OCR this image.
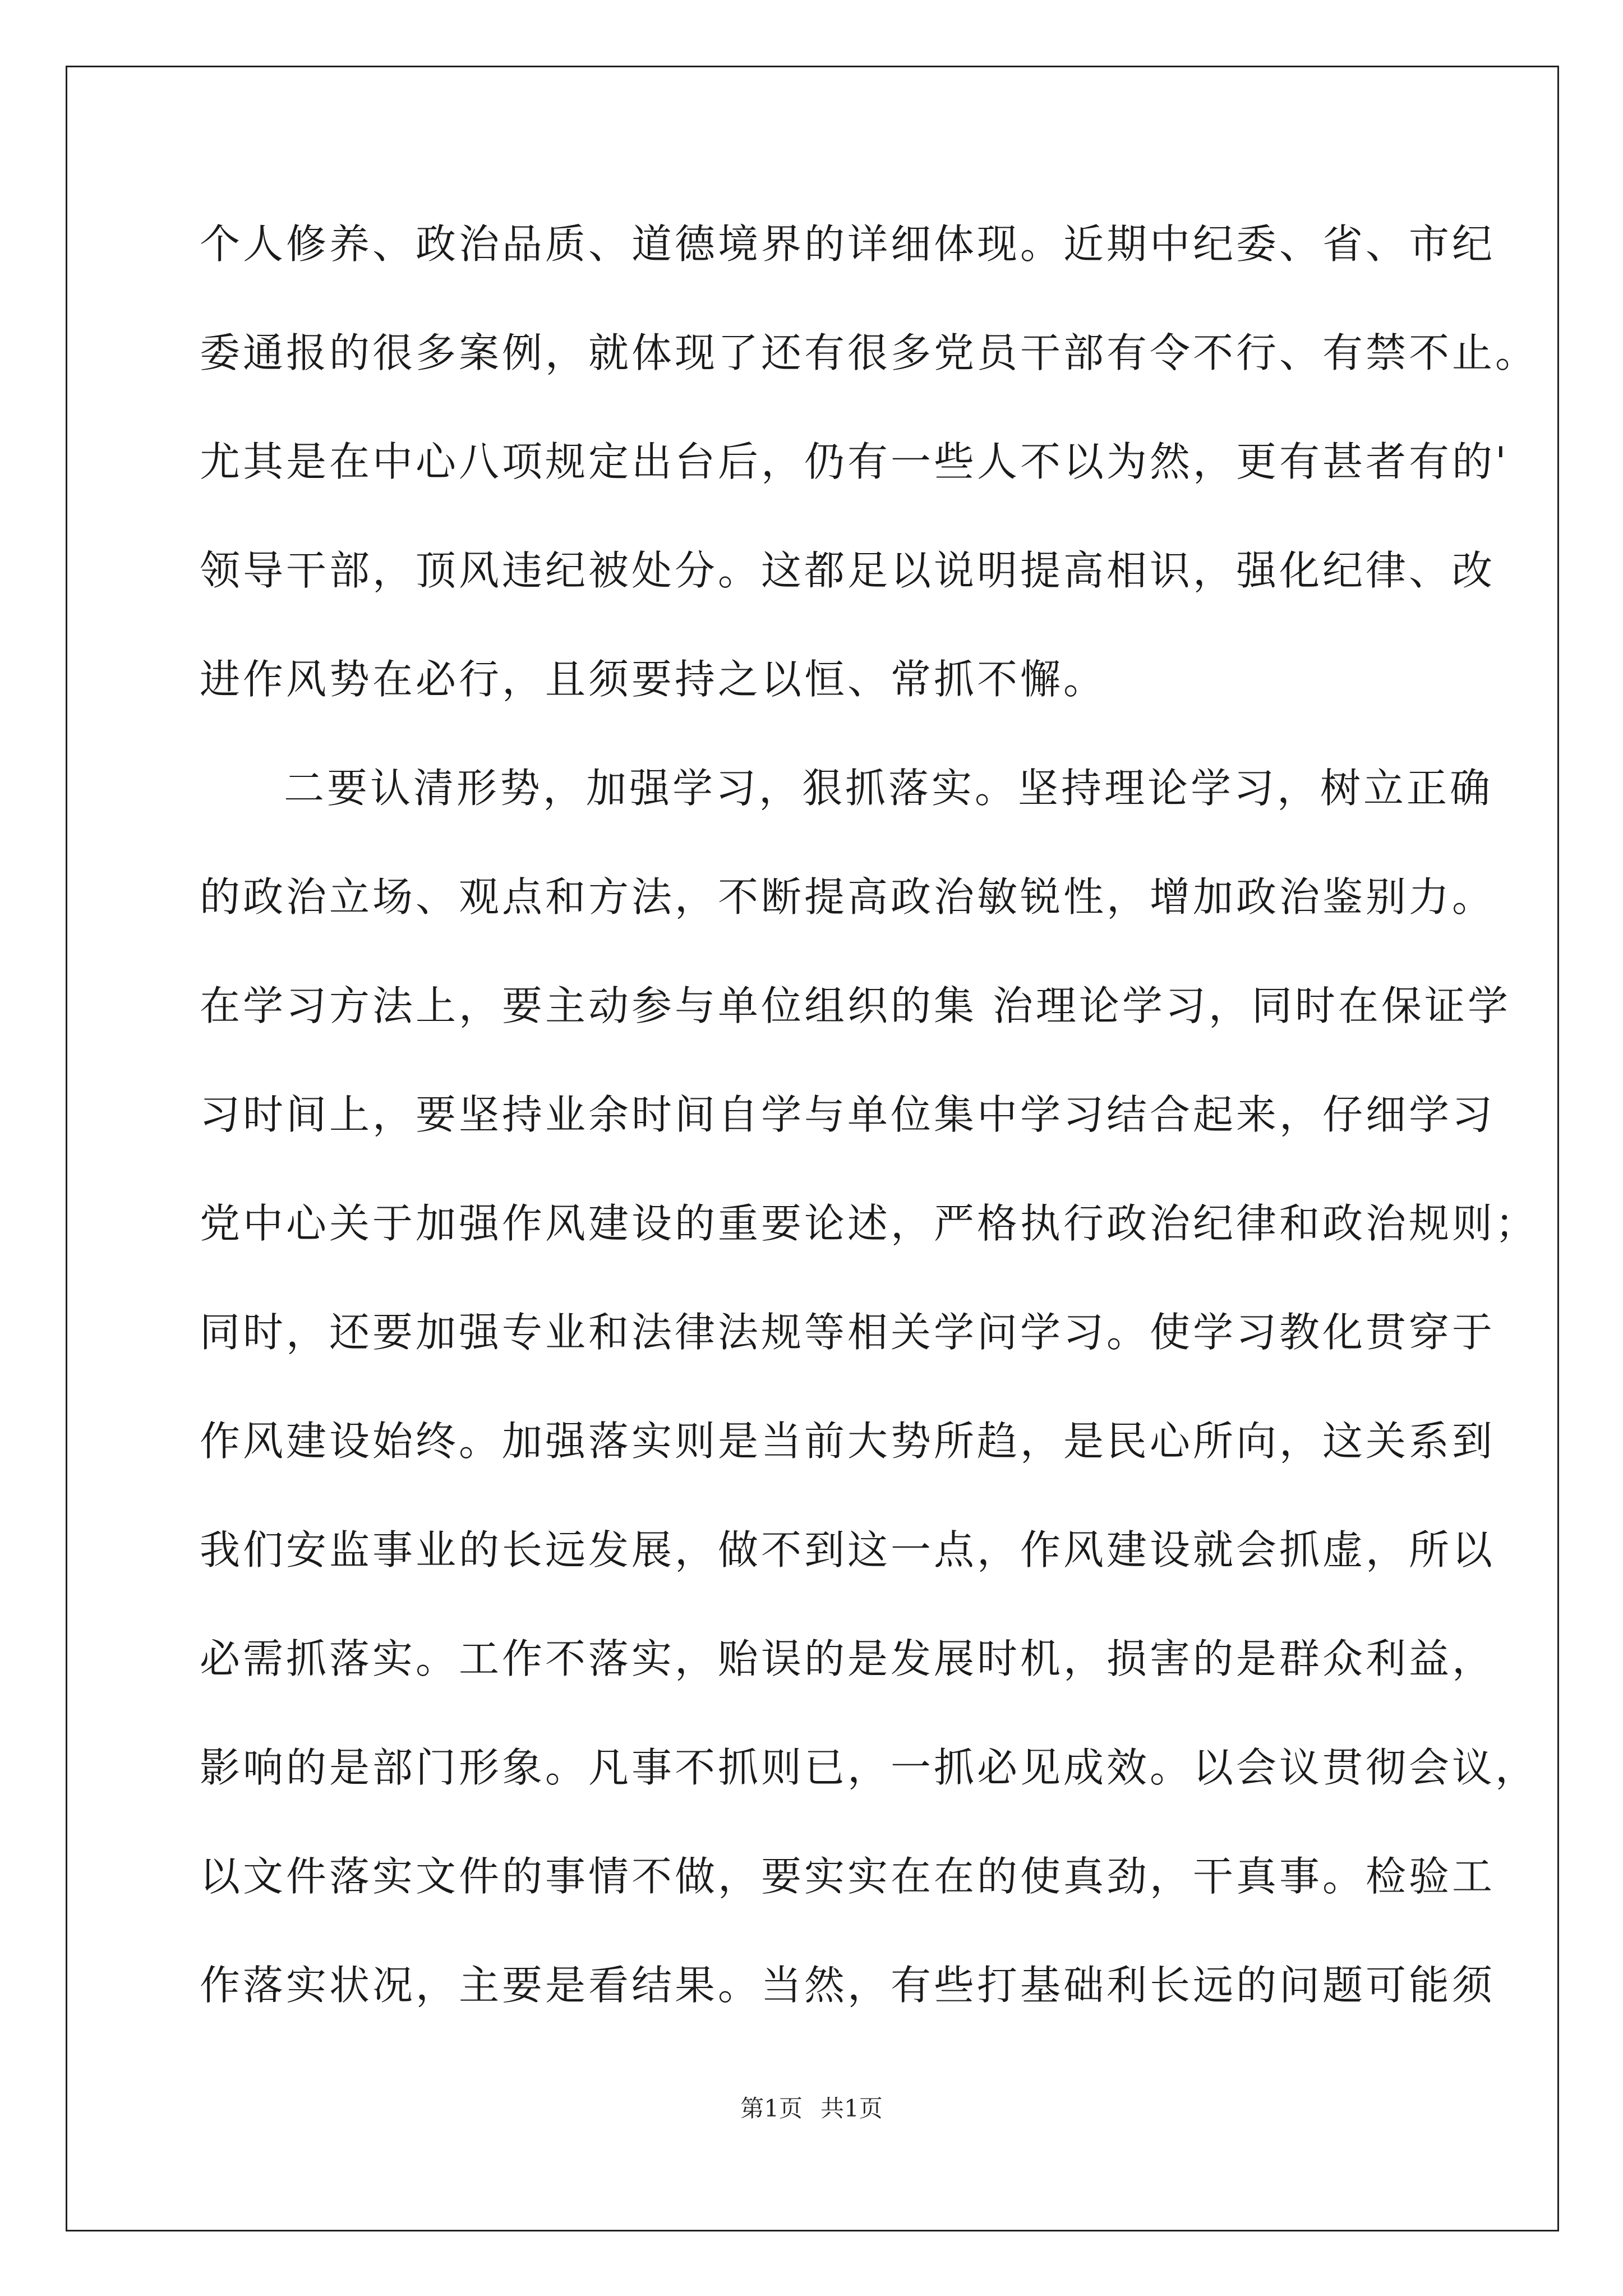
个人修养、政治品质、道德境界的详细体现。近期中纪委、省、市纪
委通报的很多案例，就体现了还有很多党员干部有令不行、有禁不止。
尤其是在中心八项规定出台后，仍有一些人不以为然，更有甚者有的'
领导干部，顶风违纪被处分。这都足以说明提高相识，强化纪律、改
进作风势在必行，且须要持之以恒、常抓不懈。
二要认清形势，加强学习，狠抓落实。坚持理论学习，树立正确
的政治立场、观点和方法，不断提高政治敏锐性，增加政治鉴别力。
在学习方法上，要主动参与单位组织的集 治理论学习，同时在保证学
习时间上，要坚持业余时间自学与单位集中学习结合起来，仔细学习
党中心关于加强作风建设的重要论述，严格执行政治纪律和政治规则；
同时，还要加强专业和法律法规等相关学问学习。使学习教化贯穿于
作风建设始终。加强落实则是当前大势所趋，是民心所向，这关系到
我们安监事业的长远发展，做不到这一点，作风建设就会抓虚，所以
必需抓落实。工作不落实，贻误的是发展时机，损害的是群众利益，
影响的是部门形象。凡事不抓则已，一抓必见成效。以会议贯彻会议，
以文件落实文件的事情不做，要实实在在的使真劲，干真事。检验工
作落实状况，主要是看结果。当然，有些打基础利长远的问题可能须
第1页 共1页
